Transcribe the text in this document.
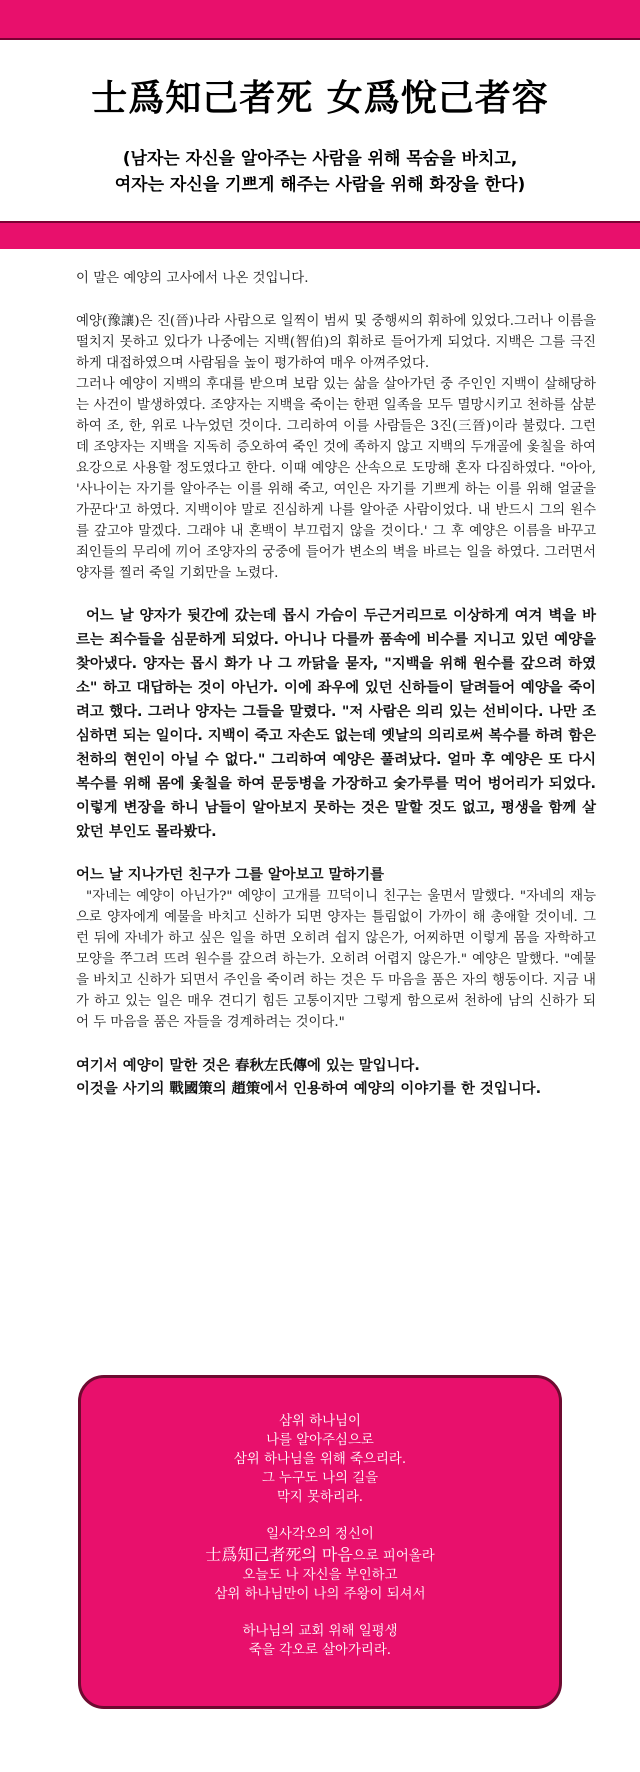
士爲知己者死 女爲悅己者容
(남자는 자신을 알아주는 사람을 위해 목숨을 바치고,
여자는 자신을 기쁘게 해주는 사람을 위해 화장을 한다)

이 말은 예양의 고사에서 나온 것입니다.

예양(豫讓)은 진(晉)나라 사람으로 일찍이 범씨 및 중행씨의 휘하에 있었다.그러나 이름을 떨치지 못하고 있다가 나중에는 지백(智伯)의 휘하로 들어가게 되었다. 지백은 그를 극진하게 대접하였으며 사람됨을 높이 평가하여 매우 아껴주었다.
그러나 예양이 지백의 후대를 받으며 보람 있는 삶을 살아가던 중 주인인 지백이 살해당하는 사건이 발생하였다. 조양자는 지백을 죽이는 한편 일족을 모두 멸망시키고 천하를 삼분하여 조, 한, 위로 나누었던 것이다. 그리하여 이를 사람들은 3진(三晉)이라 불렀다. 그런데 조양자는 지백을 지독히 증오하여 죽인 것에 족하지 않고 지백의 두개골에 옻칠을 하여 요강으로 사용할 정도였다고 한다. 이때 예양은 산속으로 도망해 혼자 다짐하였다. "아아, '사나이는 자기를 알아주는 이를 위해 죽고, 여인은 자기를 기쁘게 하는 이를 위해 얼굴을 가꾼다'고 하였다. 지백이야 말로 진심하게 나를 알아준 사람이었다. 내 반드시 그의 원수를 갚고야 말겠다. 그래야 내 혼백이 부끄럽지 않을 것이다.' 그 후 예양은 이름을 바꾸고 죄인들의 무리에 끼어 조양자의 궁중에 들어가 변소의 벽을 바르는 일을 하였다. 그러면서 양자를 찔러 죽일 기회만을 노렸다.

어느 날 양자가 뒷간에 갔는데 몹시 가슴이 두근거리므로 이상하게 여겨 벽을 바르는 죄수들을 심문하게 되었다. 아니나 다를까 품속에 비수를 지니고 있던 예양을 찾아냈다. 양자는 몹시 화가 나 그 까닭을 묻자, "지백을 위해 원수를 갚으려 하였소" 하고 대답하는 것이 아닌가. 이에 좌우에 있던 신하들이 달려들어 예양을 죽이려고 했다. 그러나 양자는 그들을 말렸다. "저 사람은 의리 있는 선비이다. 나만 조심하면 되는 일이다. 지백이 죽고 자손도 없는데 옛날의 의리로써 복수를 하려 함은 천하의 현인이 아닐 수 없다." 그리하여 예양은 풀려났다. 얼마 후 예양은 또 다시 복수를 위해 몸에 옻칠을 하여 문둥병을 가장하고 숯가루를 먹어 벙어리가 되었다. 이렇게 변장을 하니 남들이 알아보지 못하는 것은 말할 것도 없고, 평생을 함께 살았던 부인도 몰라봤다.

어느 날 지나가던 친구가 그를 알아보고 말하기를

"자네는 예양이 아닌가?" 예양이 고개를 끄덕이니 친구는 울면서 말했다. "자네의 재능으로 양자에게 예물을 바치고 신하가 되면 양자는 틀림없이 가까이 해 총애할 것이네. 그런 뒤에 자네가 하고 싶은 일을 하면 오히려 쉽지 않은가, 어찌하면 이렇게 몸을 자학하고 모양을 쭈그려 뜨려 원수를 갚으려 하는가. 오히려 어렵지 않은가." 예양은 말했다. "예물을 바치고 신하가 되면서 주인을 죽이려 하는 것은 두 마음을 품은 자의 행동이다. 지금 내가 하고 있는 일은 매우 견디기 힘든 고통이지만 그렇게 함으로써 천하에 남의 신하가 되어 두 마음을 품은 자들을 경계하려는 것이다."

여기서 예양이 말한 것은 春秋左氏傳에 있는 말입니다.

이것을 사기의 戰國策의 趙策에서 인용하여 예양의 이야기를 한 것입니다.

삼위 하나님이
나를 알아주심으로
삼위 하나님을 위해 죽으리라.
그 누구도 나의 길을
막지 못하리라.
일사각오의 정신이
士爲知己者死의 마음으로 피어올라
오늘도 나 자신을 부인하고
삼위 하나님만이 나의 주왕이 되셔서
하나님의 교회 위해 일평생
죽을 각오로 살아가리라.
